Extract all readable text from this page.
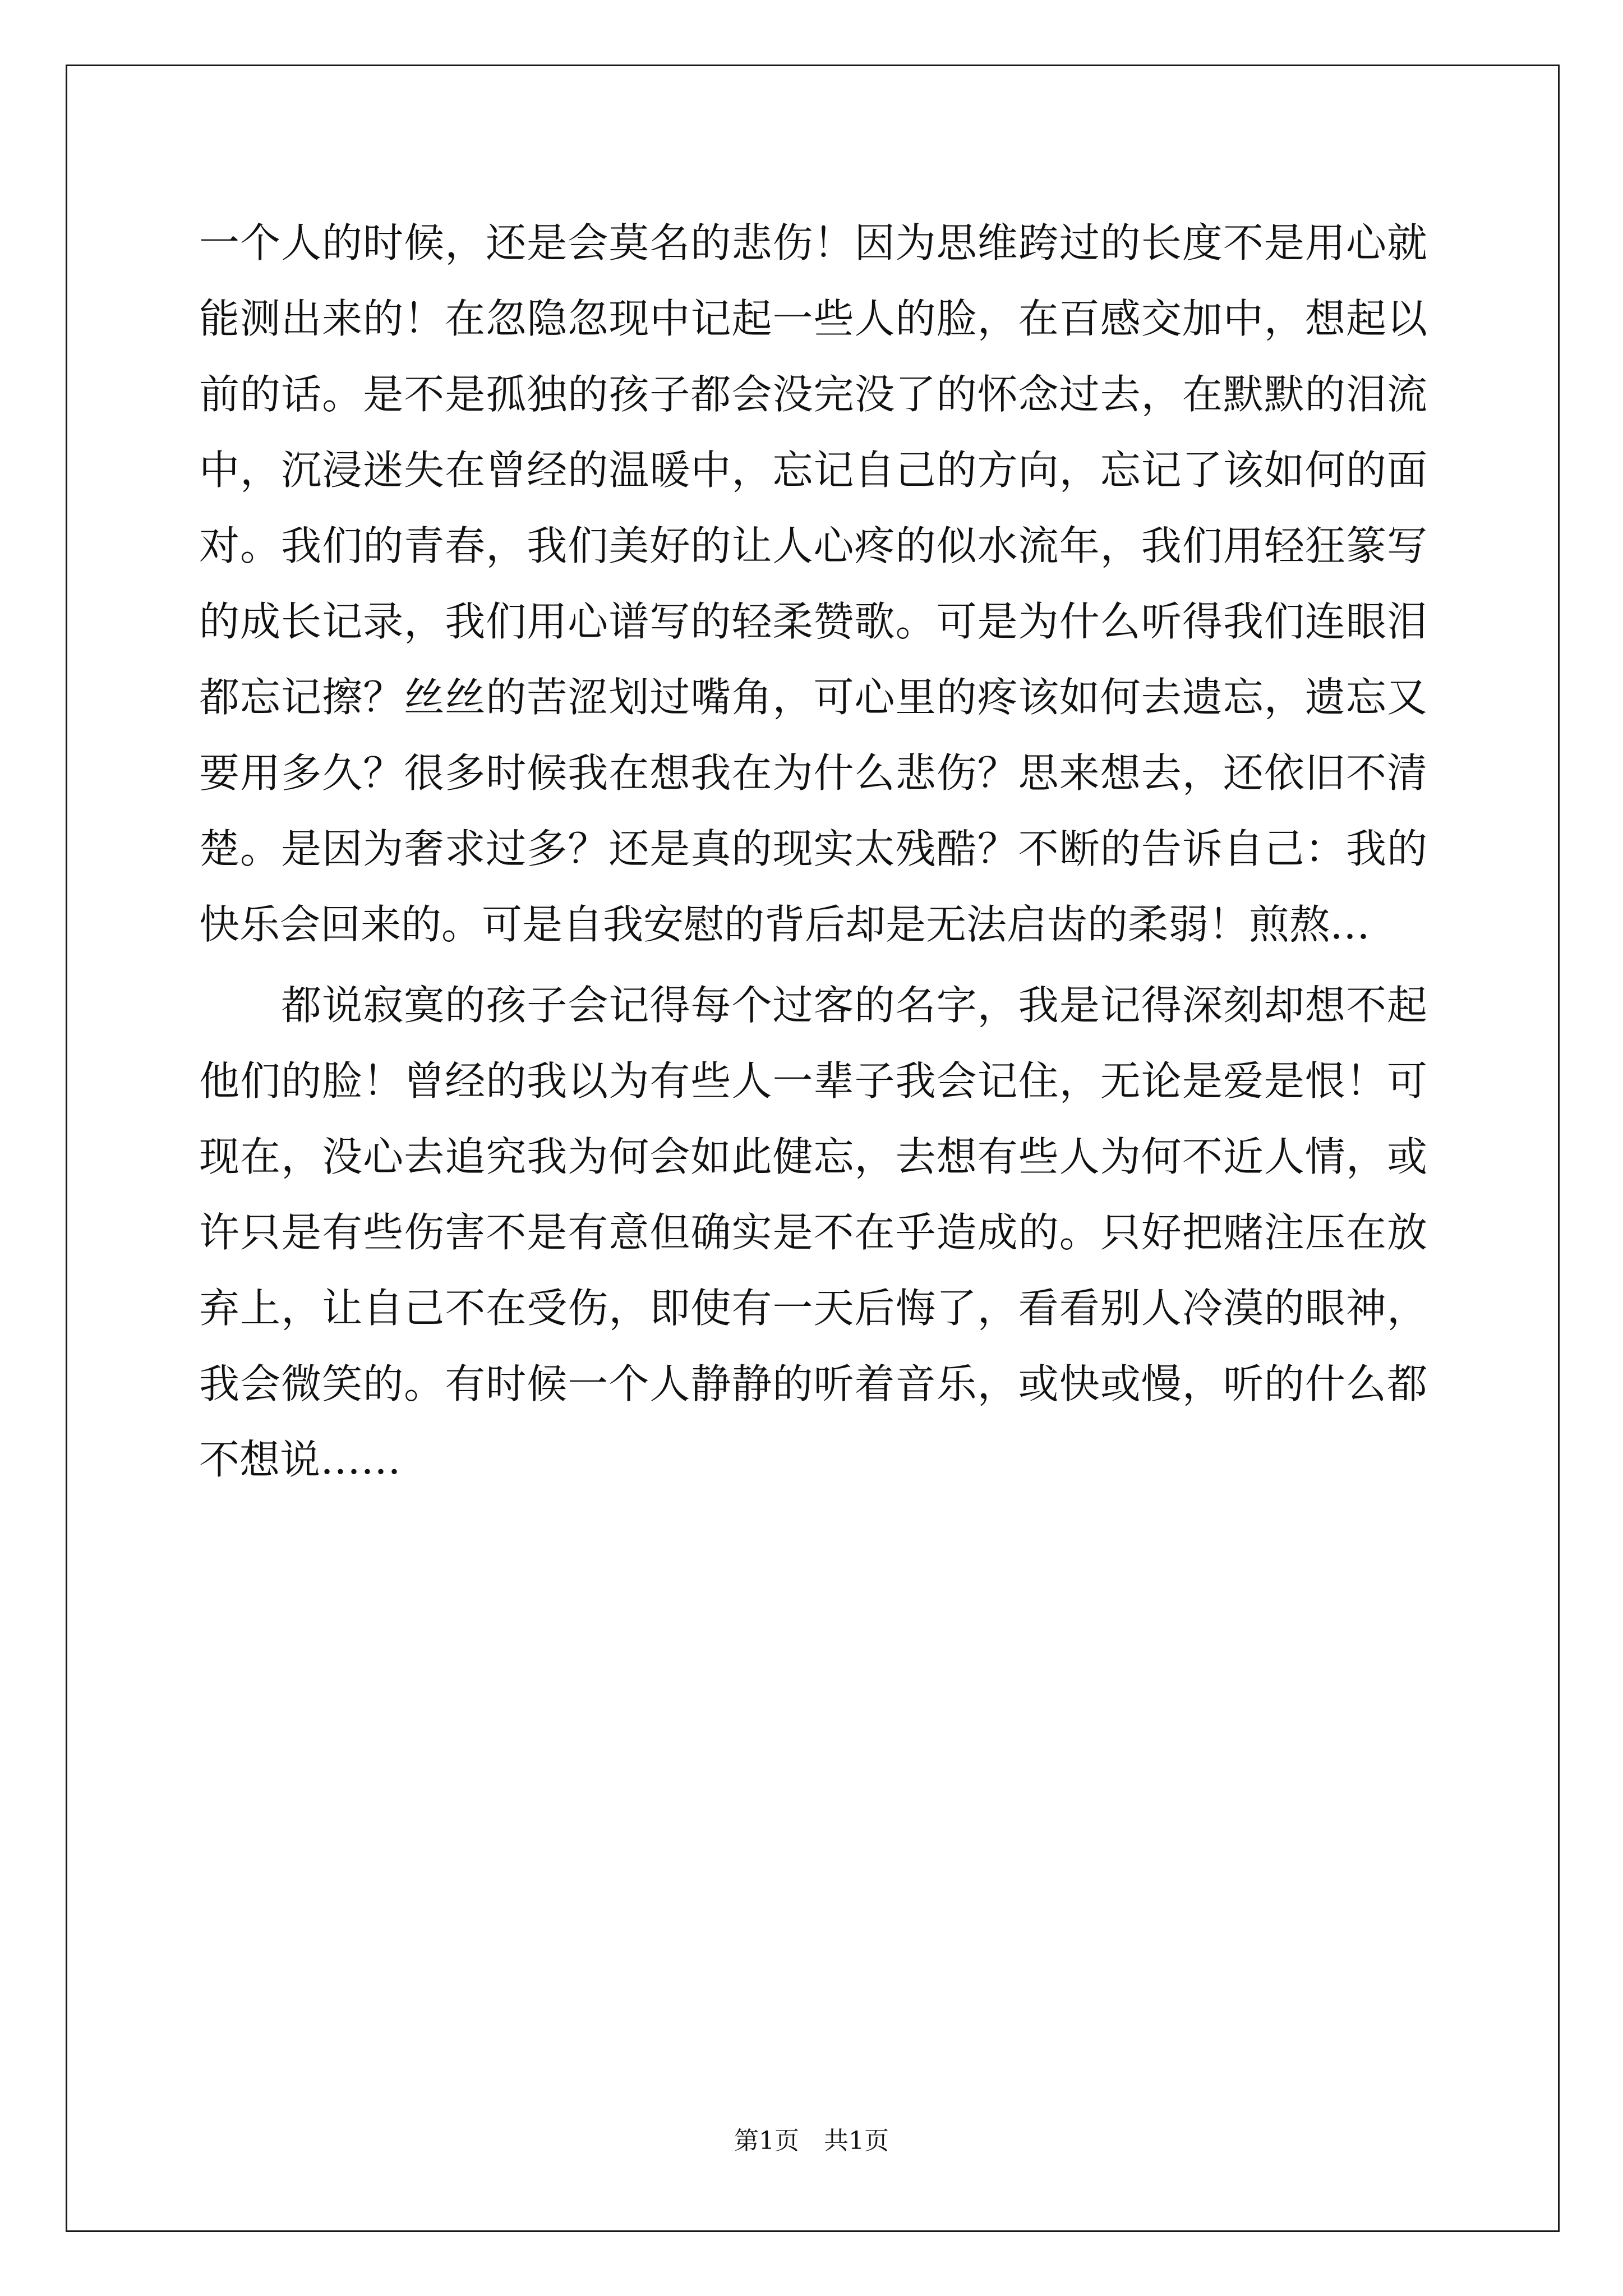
一个人的时候，还是会莫名的悲伤！因为思维跨过的长度不是用心就
能测出来的！在忽隐忽现中记起一些人的脸，在百感交加中，想起以
前的话。是不是孤独的孩子都会没完没了的怀念过去，在默默的泪流
中，沉浸迷失在曾经的温暖中，忘记自己的方向，忘记了该如何的面
对。我们的青春，我们美好的让人心疼的似水流年，我们用轻狂篆写
的成长记录，我们用心谱写的轻柔赞歌。可是为什么听得我们连眼泪
都忘记擦？丝丝的苦涩划过嘴角，可心里的疼该如何去遗忘，遗忘又
要用多久？很多时候我在想我在为什么悲伤？思来想去，还依旧不清
楚。是因为奢求过多？还是真的现实太残酷？不断的告诉自己：我的
快乐会回来的。可是自我安慰的背后却是无法启齿的柔弱！煎熬…
　　都说寂寞的孩子会记得每个过客的名字，我是记得深刻却想不起
他们的脸！曾经的我以为有些人一辈子我会记住，无论是爱是恨！可
现在，没心去追究我为何会如此健忘，去想有些人为何不近人情，或
许只是有些伤害不是有意但确实是不在乎造成的。只好把赌注压在放
弃上，让自己不在受伤，即使有一天后悔了，看看别人冷漠的眼神，
我会微笑的。有时候一个人静静的听着音乐，或快或慢，听的什么都
不想说……
第1页　共1页
